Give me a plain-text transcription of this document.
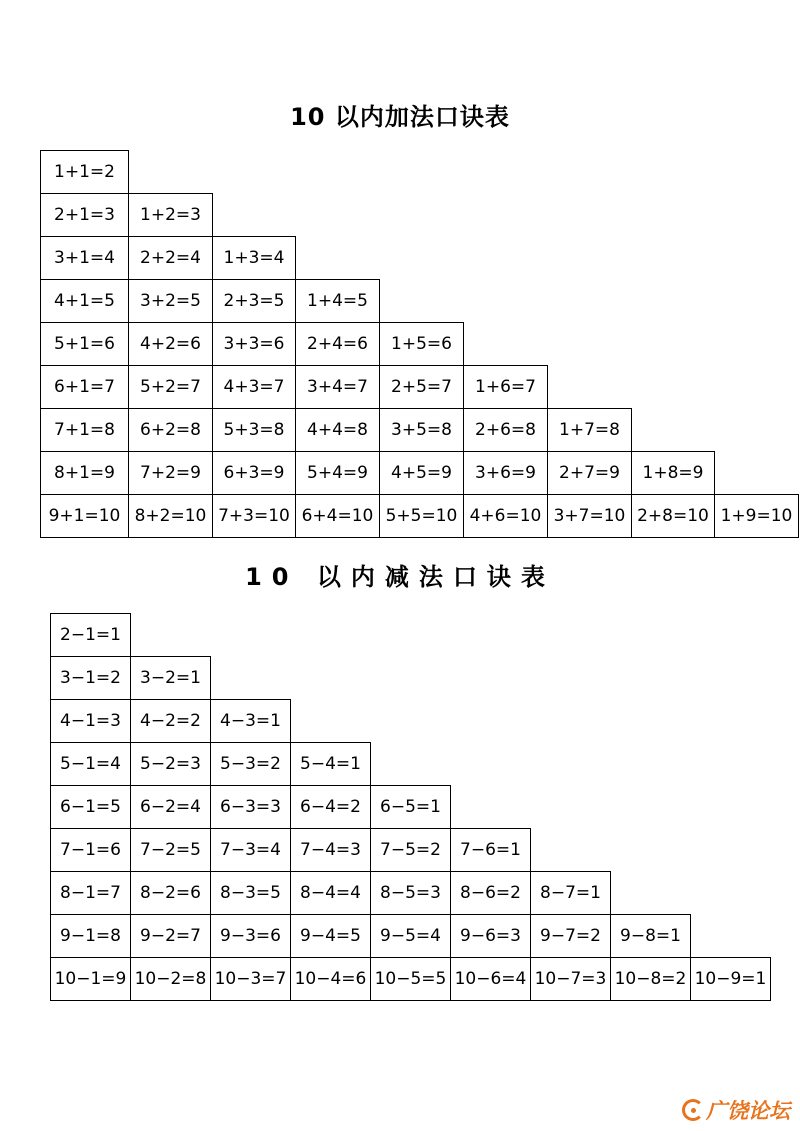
10 以内加法口诀表
1+1=2
2+1=3	1+2=3
3+1=4	2+2=4	1+3=4
4+1=5	3+2=5	2+3=5	1+4=5
5+1=6	4+2=6	3+3=6	2+4=6	1+5=6
6+1=7	5+2=7	4+3=7	3+4=7	2+5=7	1+6=7
7+1=8	6+2=8	5+3=8	4+4=8	3+5=8	2+6=8	1+7=8
8+1=9	7+2=9	6+3=9	5+4=9	4+5=9	3+6=9	2+7=9	1+8=9
9+1=10 8+2=10 7+3=10 6+4=10 5+5=10 4+6=10 3+7=10 2+8=10 1+9=10
10 以内减法口诀表
2−1=1
3−1=2	3−2=1
4−1=3	4−2=2	4−3=1
5−1=4	5−2=3	5−3=2	5−4=1
6−1=5	6−2=4	6−3=3	6−4=2	6−5=1
7−1=6	7−2=5	7−3=4	7−4=3	7−5=2	7−6=1
8−1=7	8−2=6	8−3=5	8−4=4	8−5=3	8−6=2	8−7=1
9−1=8	9−2=7	9−3=6	9−4=5	9−5=4	9−6=3	9−7=2	9−8=1
10−1=9 10−2=8 10−3=7 10−4=6 10−5=5 10−6=4 10−7=3 10−8=2 10−9=1
广饶论坛
